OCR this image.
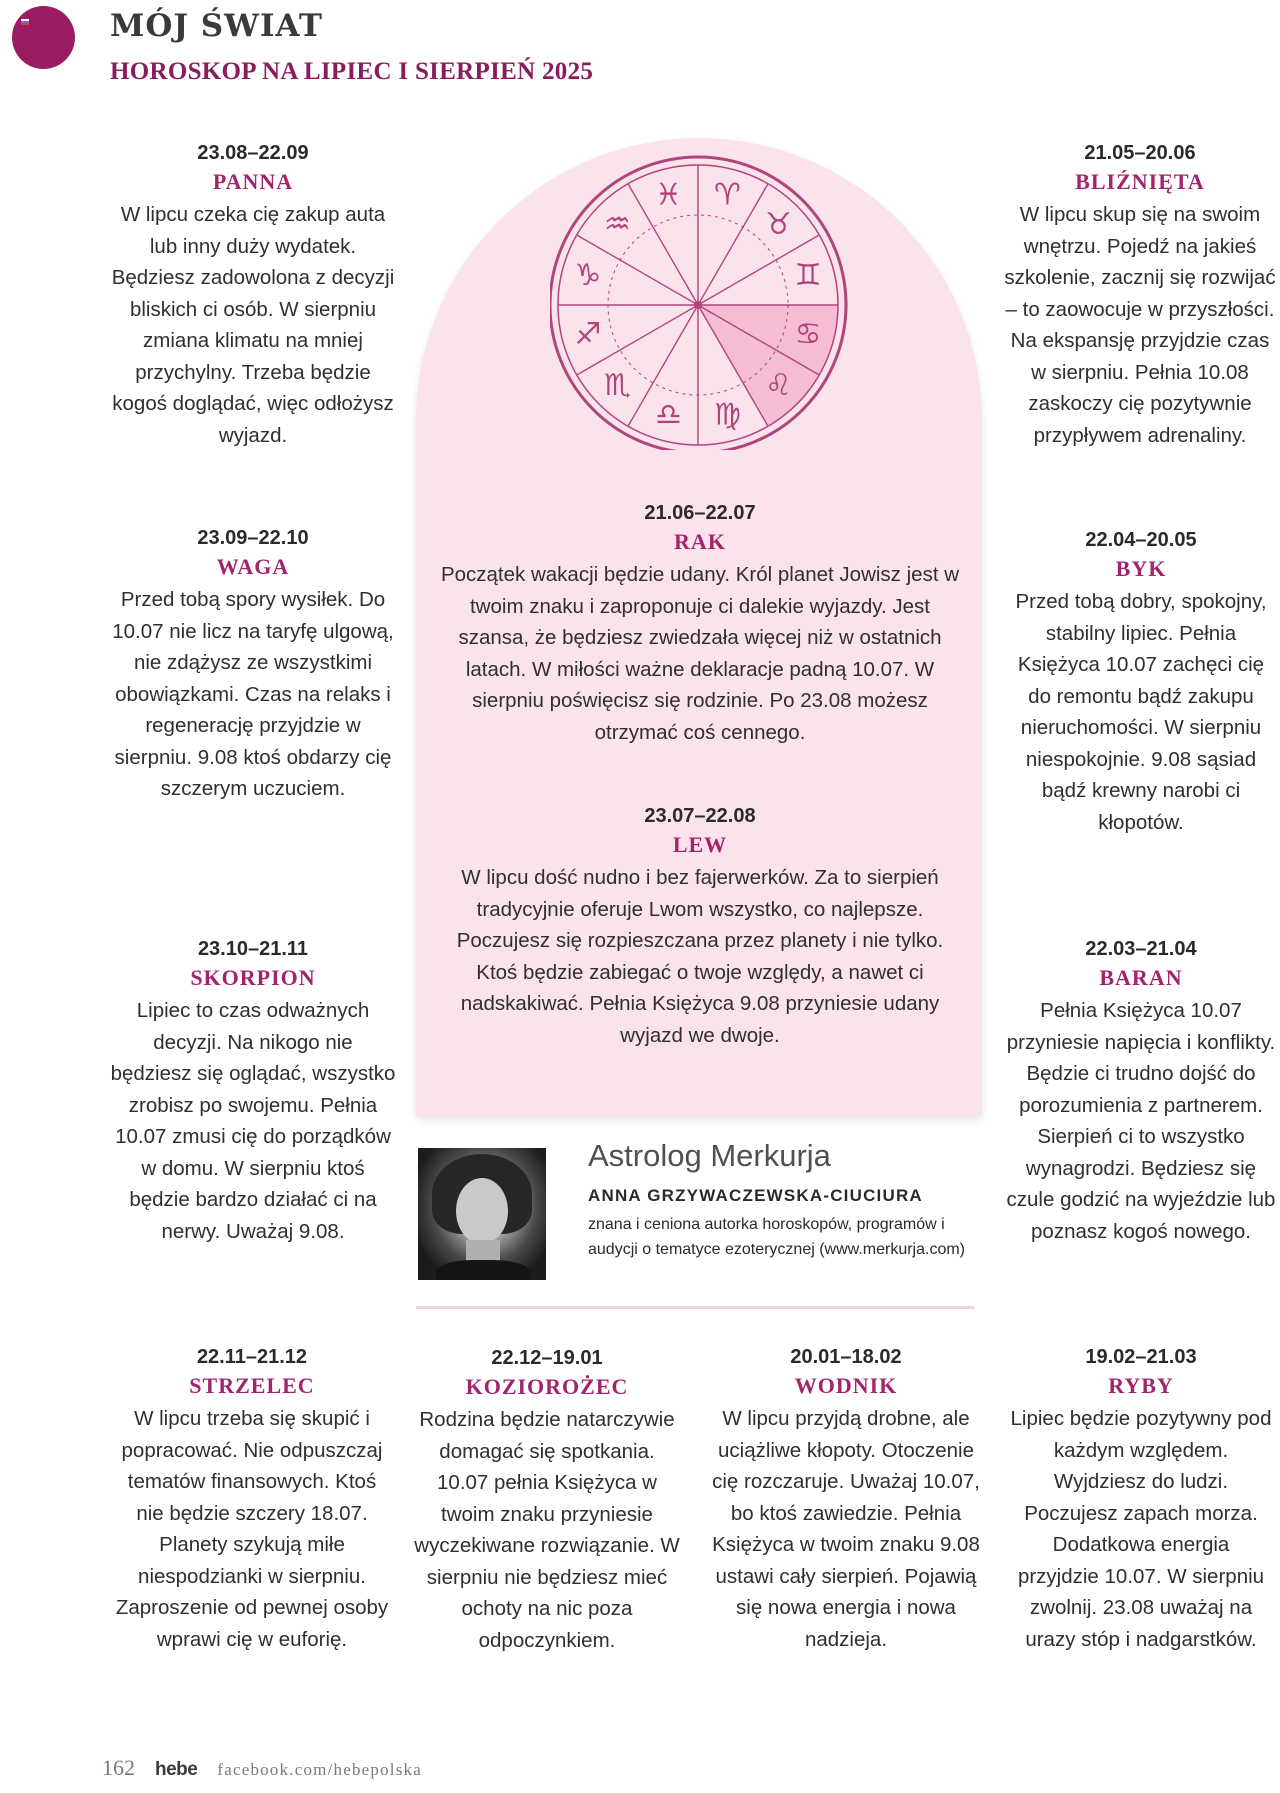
MÓJ ŚWIAT
HOROSKOP NA LIPIEC I SIERPIEŃ 2025
♓ ♈
♉
♊
♋
♌
♍
♎
♏
♐
♑
♒
23.08–22.09
PANNA
W lipcu czeka cię zakup auta lub inny duży wydatek. Będziesz zadowolona z decyzji bliskich ci osób. W sierpniu zmiana klimatu na mniej przychylny. Trzeba będzie kogoś doglądać, więc odłożysz wyjazd.
23.09–22.10
WAGA
Przed tobą spory wysiłek. Do 10.07 nie licz na taryfę ulgową, nie zdążysz ze wszystkimi obowiązkami. Czas na relaks i regenerację przyjdzie w sierpniu. 9.08 ktoś obdarzy cię szczerym uczuciem.
23.10–21.11
SKORPION
Lipiec to czas odważnych decyzji. Na nikogo nie będziesz się oglądać, wszystko zrobisz po swojemu. Pełnia 10.07 zmusi cię do porządków w domu. W sierpniu ktoś będzie bardzo działać ci na nerwy. Uważaj 9.08.
21.05–20.06
BLIŹNIĘTA
W lipcu skup się na swoim wnętrzu. Pojedź na jakieś szkolenie, zacznij się rozwijać – to zaowocuje w przyszłości. Na ekspansję przyjdzie czas w sierpniu. Pełnia 10.08 zaskoczy cię pozytywnie przypływem adrenaliny.
22.04–20.05
BYK
Przed tobą dobry, spokojny, stabilny lipiec. Pełnia Księżyca 10.07 zachęci cię do remontu bądź zakupu nieruchomości. W sierpniu niespokojnie. 9.08 sąsiad bądź krewny narobi ci kłopotów.
22.03–21.04
BARAN
Pełnia Księżyca 10.07 przyniesie napięcia i konflikty. Będzie ci trudno dojść do porozumienia z partnerem. Sierpień ci to wszystko wynagrodzi. Będziesz się czule godzić na wyjeździe lub poznasz kogoś nowego.
21.06–22.07
RAK
Początek wakacji będzie udany. Król planet Jowisz jest w twoim znaku i zaproponuje ci dalekie wyjazdy. Jest szansa, że będziesz zwiedzała więcej niż w ostatnich latach. W miłości ważne deklaracje padną 10.07. W sierpniu poświęcisz się rodzinie. Po 23.08 możesz otrzymać coś cennego.
23.07–22.08
LEW
W lipcu dość nudno i bez fajerwerków. Za to sierpień tradycyjnie oferuje Lwom wszystko, co najlepsze. Poczujesz się rozpieszczana przez planety i nie tylko. Ktoś będzie zabiegać o twoje względy, a nawet ci nadskakiwać. Pełnia Księżyca 9.08 przyniesie udany wyjazd we dwoje.

Astrolog Merkurja

ANNA GRZYWACZEWSKA-CIUCIURA

znana i ceniona autorka horoskopów, programów i audycji o tematyce ezoterycznej (www.merkurja.com)

22.11–21.12
STRZELEC
W lipcu trzeba się skupić i popracować. Nie odpuszczaj tematów finansowych. Ktoś nie będzie szczery 18.07. Planety szykują miłe niespodzianki w sierpniu. Zaproszenie od pewnej osoby wprawi cię w euforię.
22.12–19.01
KOZIOROŻEC
Rodzina będzie natarczywie domagać się spotkania. 10.07 pełnia Księżyca w twoim znaku przyniesie wyczekiwane rozwiązanie. W sierpniu nie będziesz mieć ochoty na nic poza odpoczynkiem.
20.01–18.02
WODNIK
W lipcu przyjdą drobne, ale uciążliwe kłopoty. Otoczenie cię rozczaruje. Uważaj 10.07, bo ktoś zawiedzie. Pełnia Księżyca w twoim znaku 9.08 ustawi cały sierpień. Pojawią się nowa energia i nowa nadzieja.
19.02–21.03
RYBY
Lipiec będzie pozytywny pod każdym względem. Wyjdziesz do ludzi. Poczujesz zapach morza. Dodatkowa energia przyjdzie 10.07. W sierpniu zwolnij. 23.08 uważaj na urazy stóp i nadgarstków.
162 hebe facebook.com/hebepolska
